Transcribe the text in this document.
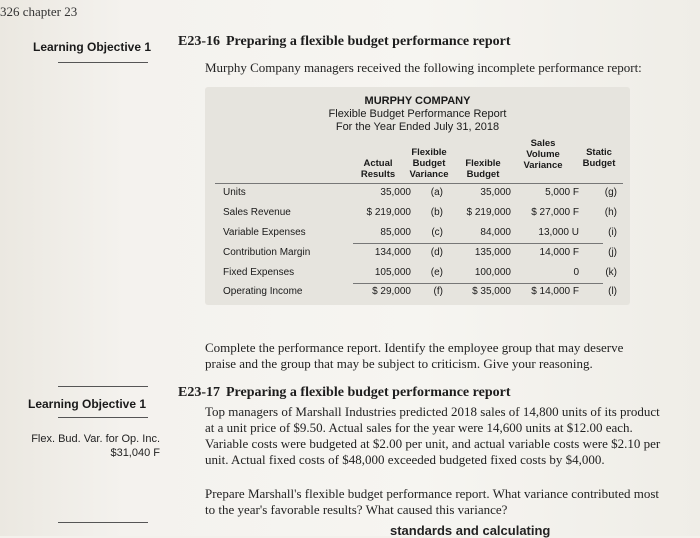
326 chapter 23
Learning Objective 1 E23-16 Preparing a flexible budget performance report
Murphy Company managers received the following incomplete performance report:
MURPHY COMPANY
Flexible Budget Performance Report
For the Year Ended July 31, 2018
Actual
Results
Flexible
Budget
Variance
Flexible
Budget
Sales
Volume
Variance
Static
Budget
Units	35,000	(a)	35,000	5,000 F	(g)
Sales Revenue	$ 219,000	(b)	$ 219,000	$ 27,000 F	(h)
Variable Expenses	85,000	(c)	84,000	13,000 U	(i)
Contribution Margin	134,000	(d)	135,000	14,000 F	(j)
Fixed Expenses	105,000	(e)	100,000	0	(k)
Operating Income	$ 29,000	(f)	$ 35,000	$ 14,000 F	(l)
Complete the performance report. Identify the employee group that may deserve praise and the group that may be subject to criticism. Give your reasoning.
Learning Objective 1
Flex. Bud. Var. for Op. Inc.
$31,040 F
E23-17 Preparing a flexible budget performance report
Top managers of Marshall Industries predicted 2018 sales of 14,800 units of its product at a unit price of $9.50. Actual sales for the year were 14,600 units at $12.00 each. Variable costs were budgeted at $2.00 per unit, and actual variable costs were $2.10 per unit. Actual fixed costs of $48,000 exceeded budgeted fixed costs by $4,000.
Prepare Marshall's flexible budget performance report. What variance contributed most to the year's favorable results? What caused this variance?
standards and calculating
